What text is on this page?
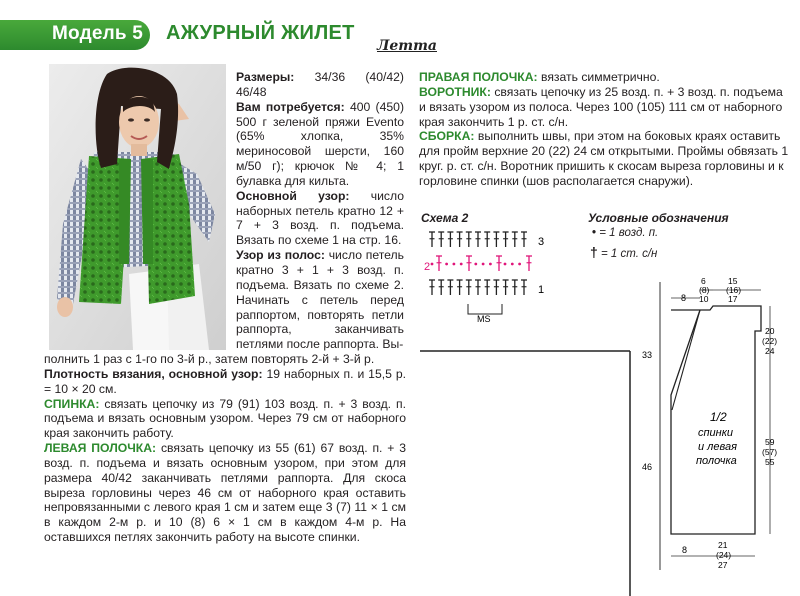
Модель 5 АЖУРНЫЙ ЖИЛЕТ
Летта

Размеры: 34/36 (40/42) 46/48

Вам потребуется: 400 (450) 500 г зеленой пряжи Evento (65% хлопка, 35% мериносовой шерсти, 160 м/50 г); крючок № 4; 1 булавка для кильта.

Основной узор: число наборных петель кратно 12 + 7 + 3 возд. п. подъема. Вязать по схеме 1 на стр. 16.

Узор из полос: число петель кратно 3 + 1 + 3 возд. п. подъема. Вязать по схеме 2. Начинать с петель перед раппортом, повторять петли раппорта, заканчивать петлями после раппорта. Вы-

полнить 1 раз с 1-го по 3-й р., затем повторять 2-й + 3-й р.

Плотность вязания, основной узор: 19 наборных п. и 15,5 р. = 10 × 20 см.

СПИНКА: связать цепочку из 79 (91) 103 возд. п. + 3 возд. п. подъема и вязать основным узором. Через 79 см от наборного края закончить работу.

ЛЕВАЯ ПОЛОЧКА: связать цепочку из 55 (61) 67 возд. п. + 3 возд. п. подъема и вязать основным узором, при этом для размера 40/42 заканчивать петлями раппорта. Для скоса выреза горловины через 46 см от наборного края оставить непровязанными с левого края 1 см и затем еще 3 (7) 11 × 1 см в каждом 2-м р. и 10 (8) 6 × 1 см в каждом 4-м р. На оставшихся петлях закончить работу на высоте спинки.

ПРАВАЯ ПОЛОЧКА: вязать симметрично.

ВОРОТНИК: связать цепочку из 25 возд. п. + 3 возд. п. подъема и вязать узором из полоса. Через 100 (105) 111 см от наборного края закончить 1 р. ст. с/н.

СБОРКА: выполнить швы, при этом на боковых краях оставить для пройм верхние 20 (22) 24 см открытыми. Проймы обвязать 1 круг. р. ст. с/н. Воротник пришить к скосам выреза горловины и к горловине спинки (шов располагается снаружи).

Схема 2
3
2
1
MS
Условные обозначения
• = 1 возд. п.
† = 1 ст. с/н
8
6
(8)
10
15
(16)
17
20
(22)
24
33
46
59
(57)
55
8	21
(24)
27
1/2
спинки
и левая
полочка
